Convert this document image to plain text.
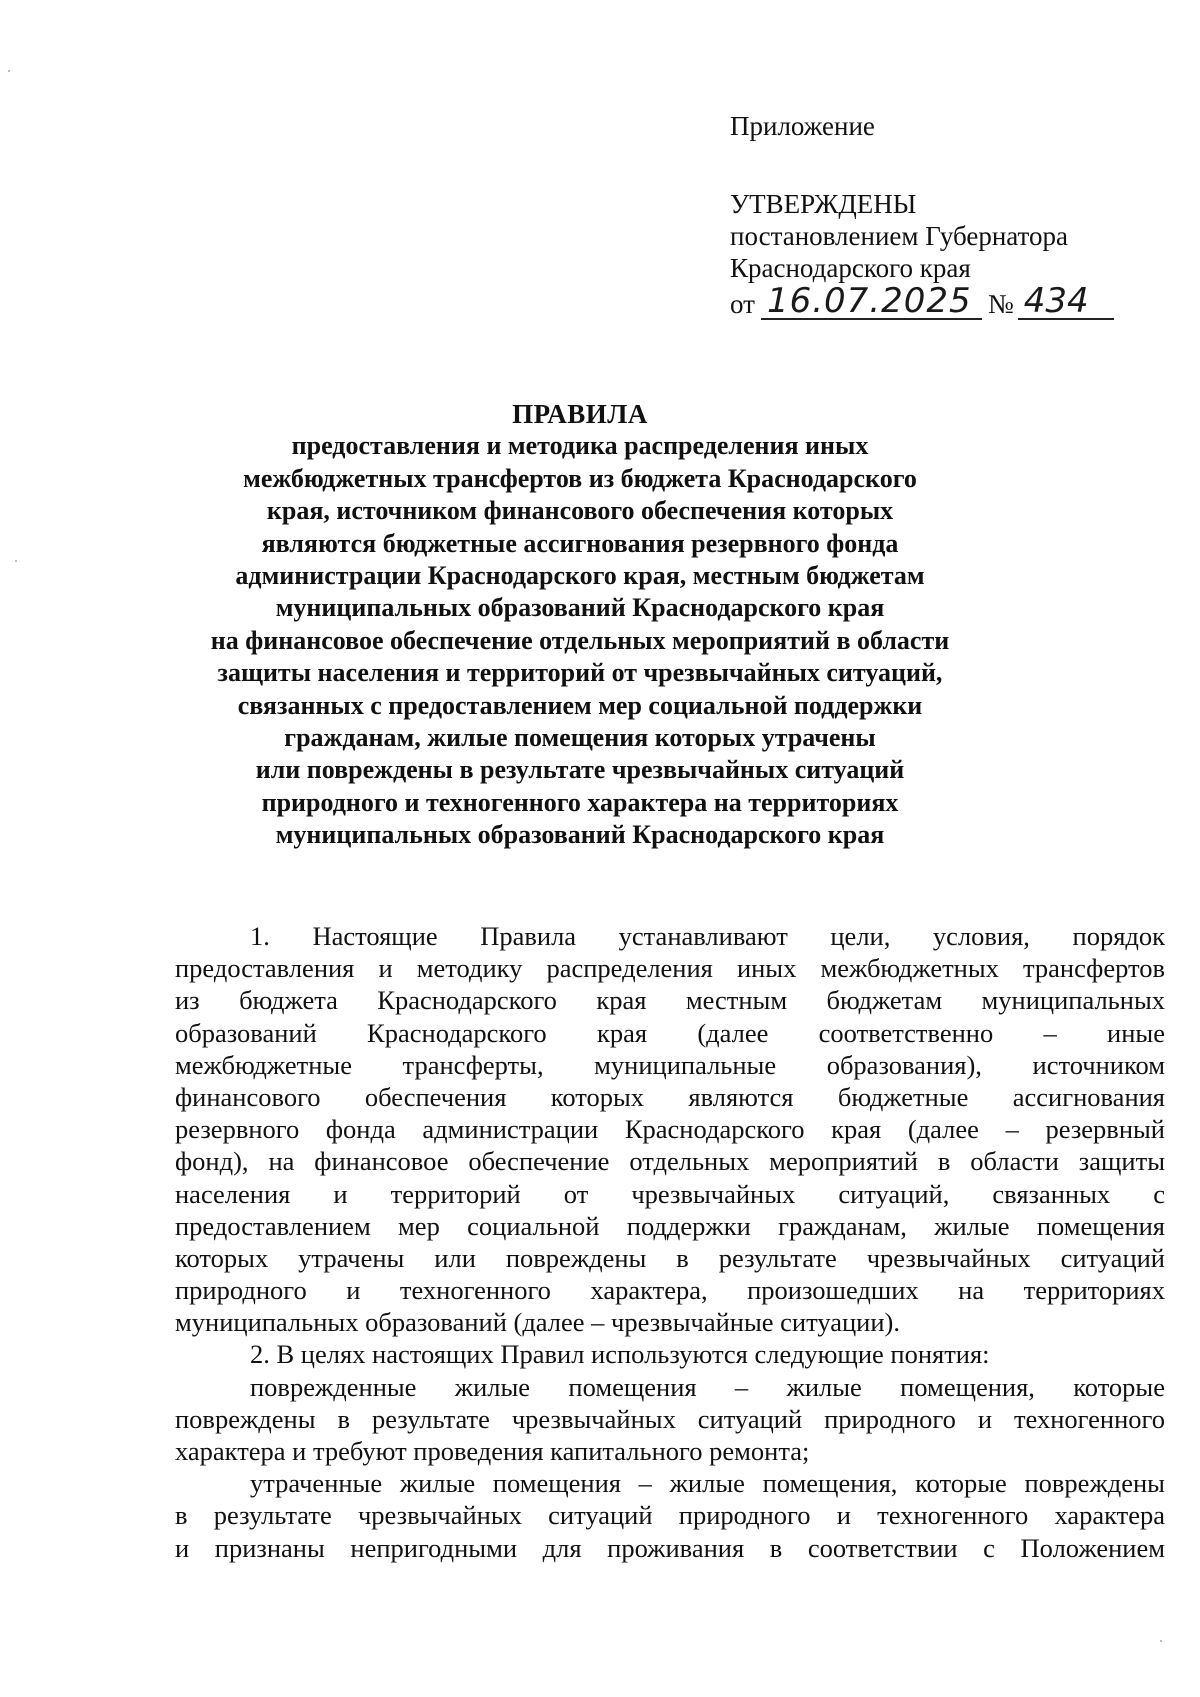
Приложение
УТВЕРЖДЕНЫ
постановлением Губернатора
Краснодарского края
от 16.07.2025 № 434
ПРАВИЛА
предоставления и методика распределения иных
межбюджетных трансфертов из бюджета Краснодарского
края, источником финансового обеспечения которых
являются бюджетные ассигнования резервного фонда
администрации Краснодарского края, местным бюджетам
муниципальных образований Краснодарского края
на финансовое обеспечение отдельных мероприятий в области
защиты населения и территорий от чрезвычайных ситуаций,
связанных с предоставлением мер социальной поддержки
гражданам, жилые помещения которых утрачены
или повреждены в результате чрезвычайных ситуаций
природного и техногенного характера на территориях
муниципальных образований Краснодарского края
1. Настоящие Правила устанавливают цели, условия, порядок
предоставления и методику распределения иных межбюджетных трансфертов
из бюджета Краснодарского края местным бюджетам муниципальных
образований Краснодарского края (далее соответственно – иные
межбюджетные трансферты, муниципальные образования), источником
финансового обеспечения которых являются бюджетные ассигнования
резервного фонда администрации Краснодарского края (далее – резервный
фонд), на финансовое обеспечение отдельных мероприятий в области защиты
населения и территорий от чрезвычайных ситуаций, связанных с
предоставлением мер социальной поддержки гражданам, жилые помещения
которых утрачены или повреждены в результате чрезвычайных ситуаций
природного и техногенного характера, произошедших на территориях
муниципальных образований (далее – чрезвычайные ситуации).
2. В целях настоящих Правил используются следующие понятия:
поврежденные жилые помещения – жилые помещения, которые
повреждены в результате чрезвычайных ситуаций природного и техногенного
характера и требуют проведения капитального ремонта;
утраченные жилые помещения – жилые помещения, которые повреждены
в результате чрезвычайных ситуаций природного и техногенного характера
и признаны непригодными для проживания в соответствии с Положением
